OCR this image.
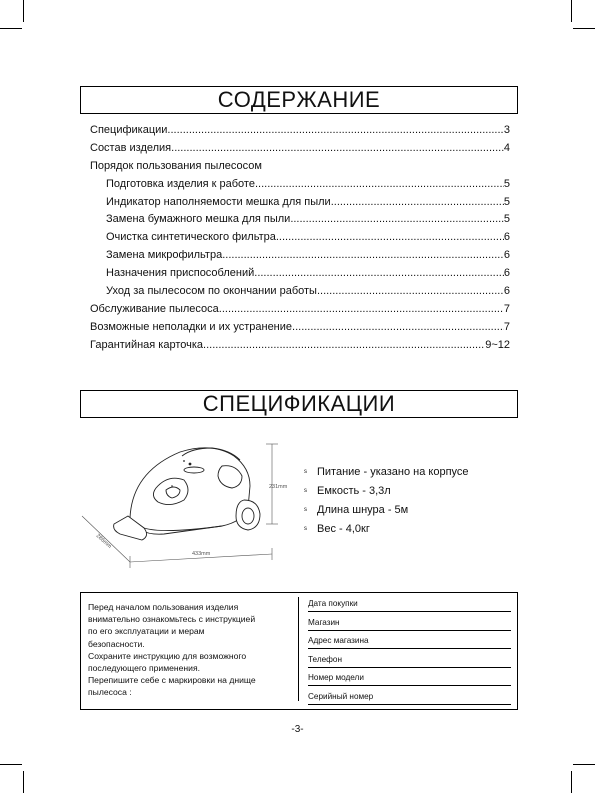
СОДЕРЖАНИЕ
Спецификации .....	3
Состав изделия .....	4
Порядок пользования пылесосом
Подготовка изделия к работе .....	5
Индикатор наполняемости мешка для пыли .....	5
Замена бумажного мешка для пыли .....	5
Очистка синтетического фильтра .....	6
Замена микрофильтра .....	6
Назначения приспособлений .....	6
Уход за пылесосом по окончании работы .....	6
Обслуживание пылесоса .....	7
Возможные неполадки и их устранение .....	7
Гарантийная карточка .....	9~12
СПЕЦИФИКАЦИИ
231mm
286mm
433mm
s Питание - указано на корпусе
s Емкость - 3,3л
s Длина шнура - 5м
s Вес - 4,0кг
Перед началом пользования изделия
внимательно ознакомьтесь с инструкцией
по его эксплуатации и мерам
безопасности.
Сохраните инструкцию для возможного
последующего применения.
Перепишите себе с маркировки на днище
пылесоса :
Дата покупки
Магазин
Адрес магазина
Телефон
Номер модели
Серийный номер
-3-
